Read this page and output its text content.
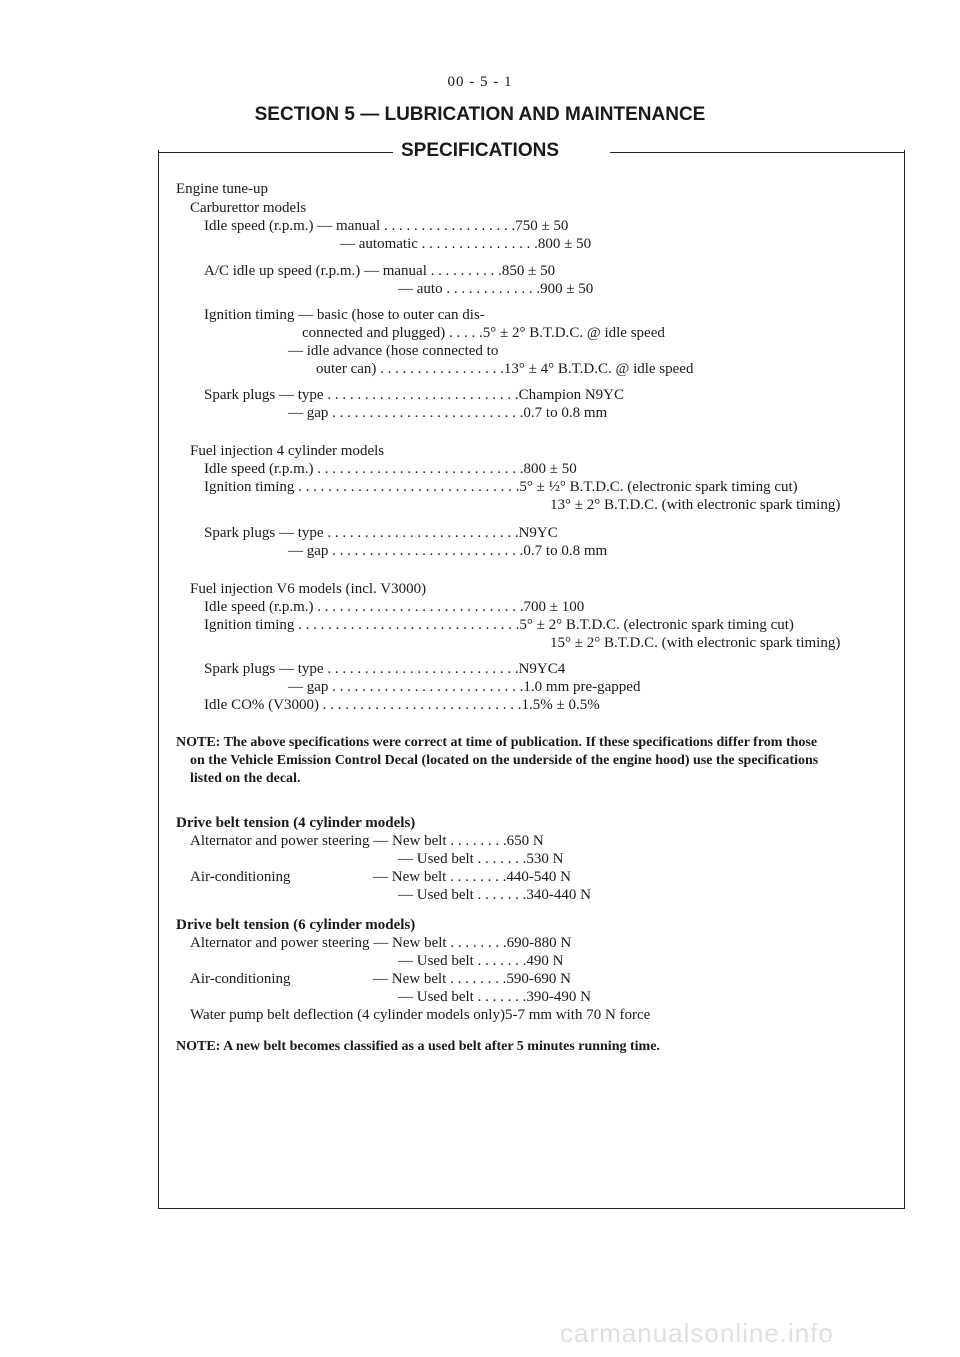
00 - 5 - 1
SECTION 5 — LUBRICATION AND MAINTENANCE
SPECIFICATIONS
Engine tune-up
Carburettor models
Idle speed (r.p.m.) — manual . . . . . . . . . . . . . . . . . .750 ± 50
— automatic . . . . . . . . . . . . . . . .800 ± 50
A/C idle up speed (r.p.m.) — manual . . . . . . . . . .850 ± 50
— auto . . . . . . . . . . . . .900 ± 50
Ignition timing — basic (hose to outer can dis-
connected and plugged) . . . . .5° ± 2° B.T.D.C. @ idle speed
— idle advance (hose connected to
outer can) . . . . . . . . . . . . . . . . .13° ± 4° B.T.D.C. @ idle speed
Spark plugs — type . . . . . . . . . . . . . . . . . . . . . . . . . .Champion N9YC
— gap . . . . . . . . . . . . . . . . . . . . . . . . . .0.7 to 0.8 mm
Fuel injection 4 cylinder models
Idle speed (r.p.m.) . . . . . . . . . . . . . . . . . . . . . . . . . . . .800 ± 50
Ignition timing . . . . . . . . . . . . . . . . . . . . . . . . . . . . . .5° ± ½° B.T.D.C. (electronic spark timing cut)
13° ± 2° B.T.D.C. (with electronic spark timing)
Spark plugs — type . . . . . . . . . . . . . . . . . . . . . . . . . .N9YC
— gap . . . . . . . . . . . . . . . . . . . . . . . . . .0.7 to 0.8 mm
Fuel injection V6 models (incl. V3000)
Idle speed (r.p.m.) . . . . . . . . . . . . . . . . . . . . . . . . . . . .700 ± 100
Ignition timing . . . . . . . . . . . . . . . . . . . . . . . . . . . . . .5° ± 2° B.T.D.C. (electronic spark timing cut)
15° ± 2° B.T.D.C. (with electronic spark timing)
Spark plugs — type . . . . . . . . . . . . . . . . . . . . . . . . . .N9YC4
— gap . . . . . . . . . . . . . . . . . . . . . . . . . .1.0 mm pre-gapped
Idle CO% (V3000) . . . . . . . . . . . . . . . . . . . . . . . . . . .1.5% ± 0.5%
NOTE: The above specifications were correct at time of publication. If these specifications differ from those
on the Vehicle Emission Control Decal (located on the underside of the engine hood) use the specifications
listed on the decal.
Drive belt tension (4 cylinder models)
Alternator and power steering — New belt . . . . . . . .650 N
— Used belt . . . . . . .530 N
Air-conditioning                      — New belt . . . . . . . .440-540 N
— Used belt . . . . . . .340-440 N
Drive belt tension (6 cylinder models)
Alternator and power steering — New belt . . . . . . . .690-880 N
— Used belt . . . . . . .490 N
Air-conditioning                      — New belt . . . . . . . .590-690 N
— Used belt . . . . . . .390-490 N
Water pump belt deflection (4 cylinder models only)5-7 mm with 70 N force
NOTE: A new belt becomes classified as a used belt after 5 minutes running time.
carmanualsonline.info
